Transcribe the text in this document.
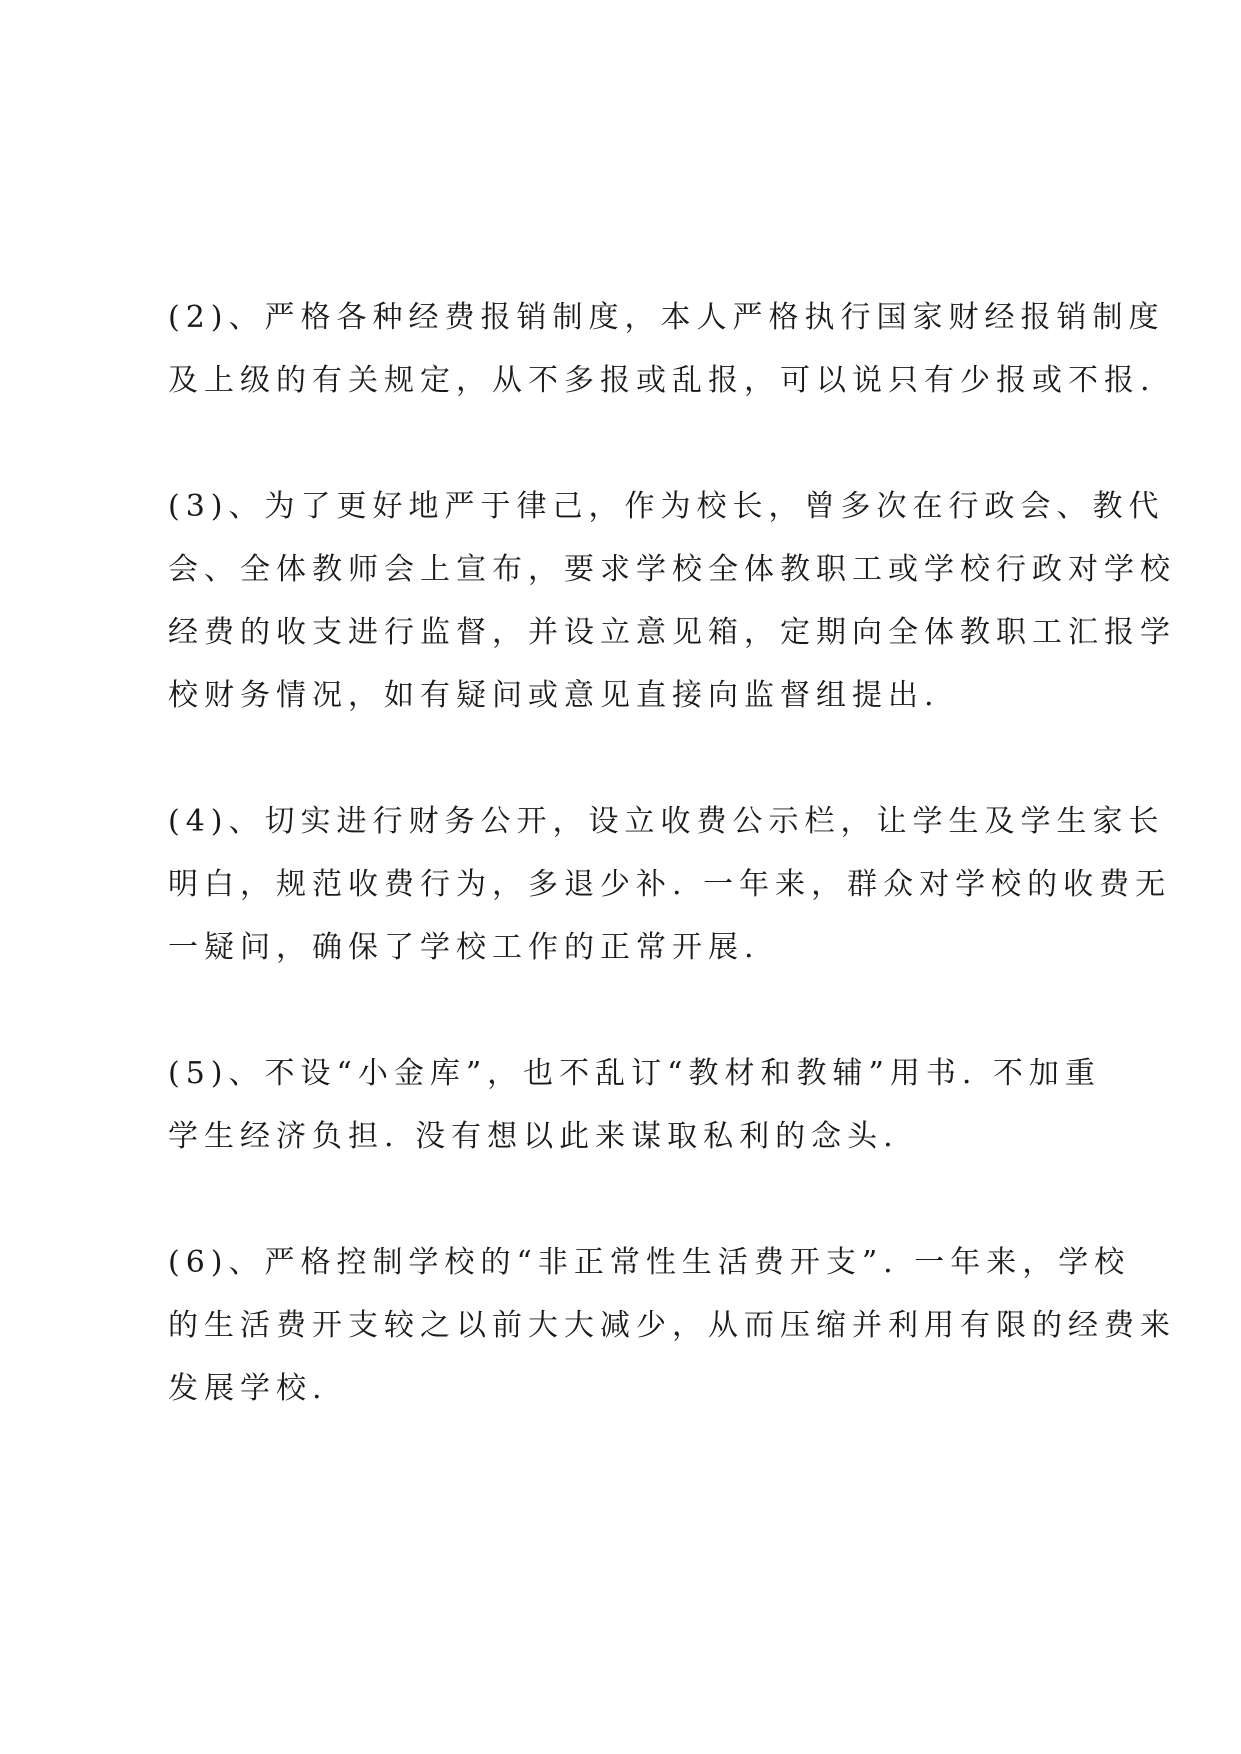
(2)、严格各种经费报销制度，本人严格执行国家财经报销制度
及上级的有关规定，从不多报或乱报，可以说只有少报或不报.

(3)、为了更好地严于律己，作为校长，曾多次在行政会、教代
会、全体教师会上宣布，要求学校全体教职工或学校行政对学校
经费的收支进行监督，并设立意见箱，定期向全体教职工汇报学
校财务情况，如有疑问或意见直接向监督组提出.

(4)、切实进行财务公开，设立收费公示栏，让学生及学生家长
明白，规范收费行为，多退少补. 一年来，群众对学校的收费无
一疑问，确保了学校工作的正常开展.

(5)、不设“小金库”，也不乱订“教材和教辅”用书. 不加重
学生经济负担. 没有想以此来谋取私利的念头.

(6)、严格控制学校的“非正常性生活费开支”. 一年来，学校
的生活费开支较之以前大大减少，从而压缩并利用有限的经费来
发展学校.
